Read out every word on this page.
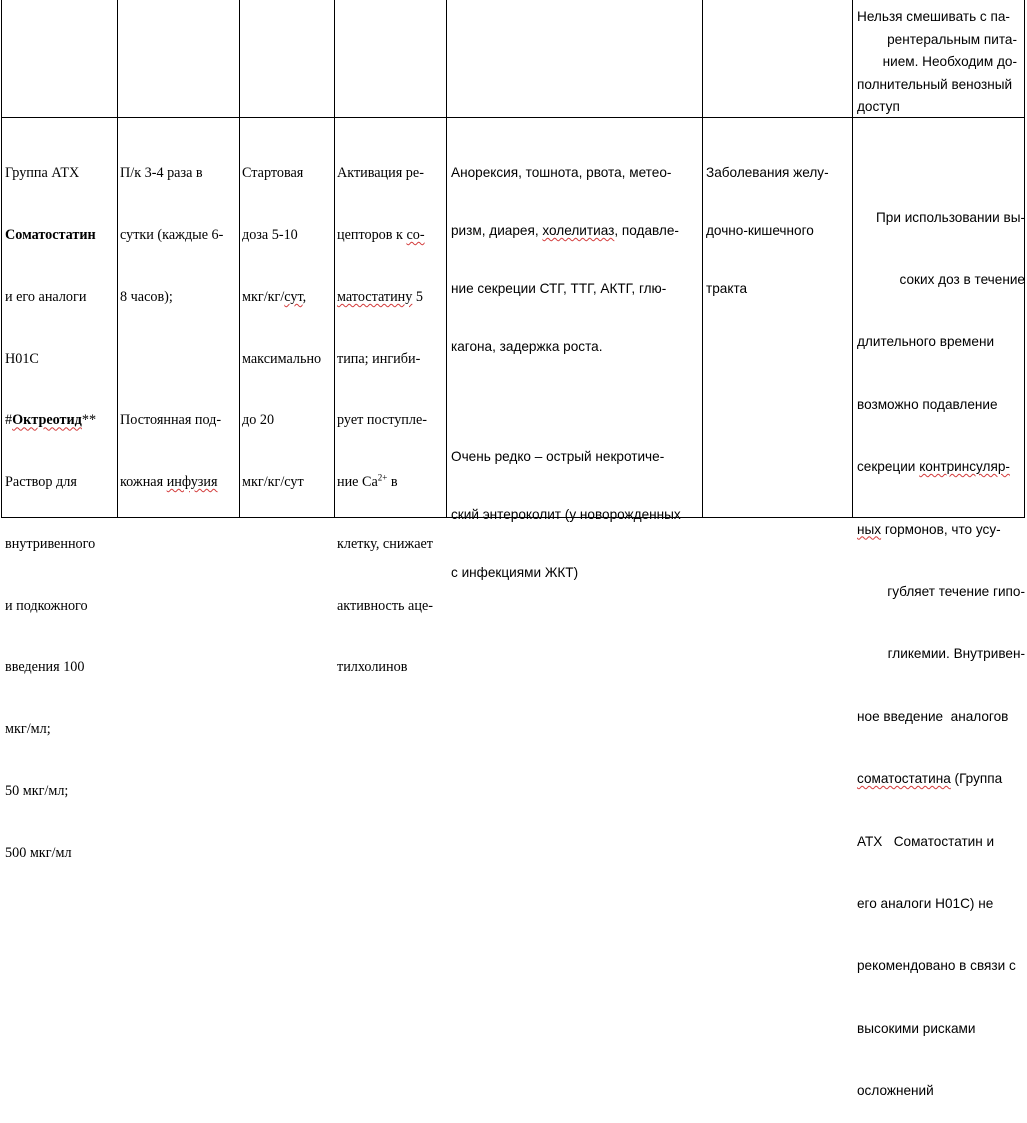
Нельзя смешивать с па-
рентеральным пита-
нием. Необходим до-
полнительный венозный
доступ

Группа АТХ

Соматостатин

и его аналоги

H01C

#Октреотид**

Раствор для

внутривенного

и подкожного

введения 100

мкг/мл;

50 мкг/мл;

500 мкг/мл

П/к 3-4 раза в

сутки (каждые 6-

8 часов);

Постоянная под-

кожная инфузия

Стартовая

доза 5-10

мкг/кг/сут,

максимально

до 20

мкг/кг/сут

Активация ре-

цепторов к со-

матостатину 5

типа; ингиби-

рует поступле-

ние $Ca^{2+}$ в

клетку, снижает

активность аце-

тилхолинов

Анорексия, тошнота, рвота, метео-

ризм, диарея, холелитиаз, подавле-

ние секреции СТГ, ТТГ, АКТГ, глю-

кагона, задержка роста.

Очень редко – острый некротиче-

ский энтероколит (у новорожденных

с инфекциями ЖКТ)

Заболевания желу-

дочно-кишечного

тракта

При использовании вы-

соких доз в течение

длительного времени

возможно подавление

секреции контринсуляр-

ных гормонов, что усу-

губляет течение гипо-

гликемии. Внутривен-

ное введение  аналогов

соматостатина (Группа

АТХ   Соматостатин и

его аналоги H01C) не

рекомендовано в связи с

высокими рисками

осложнений
